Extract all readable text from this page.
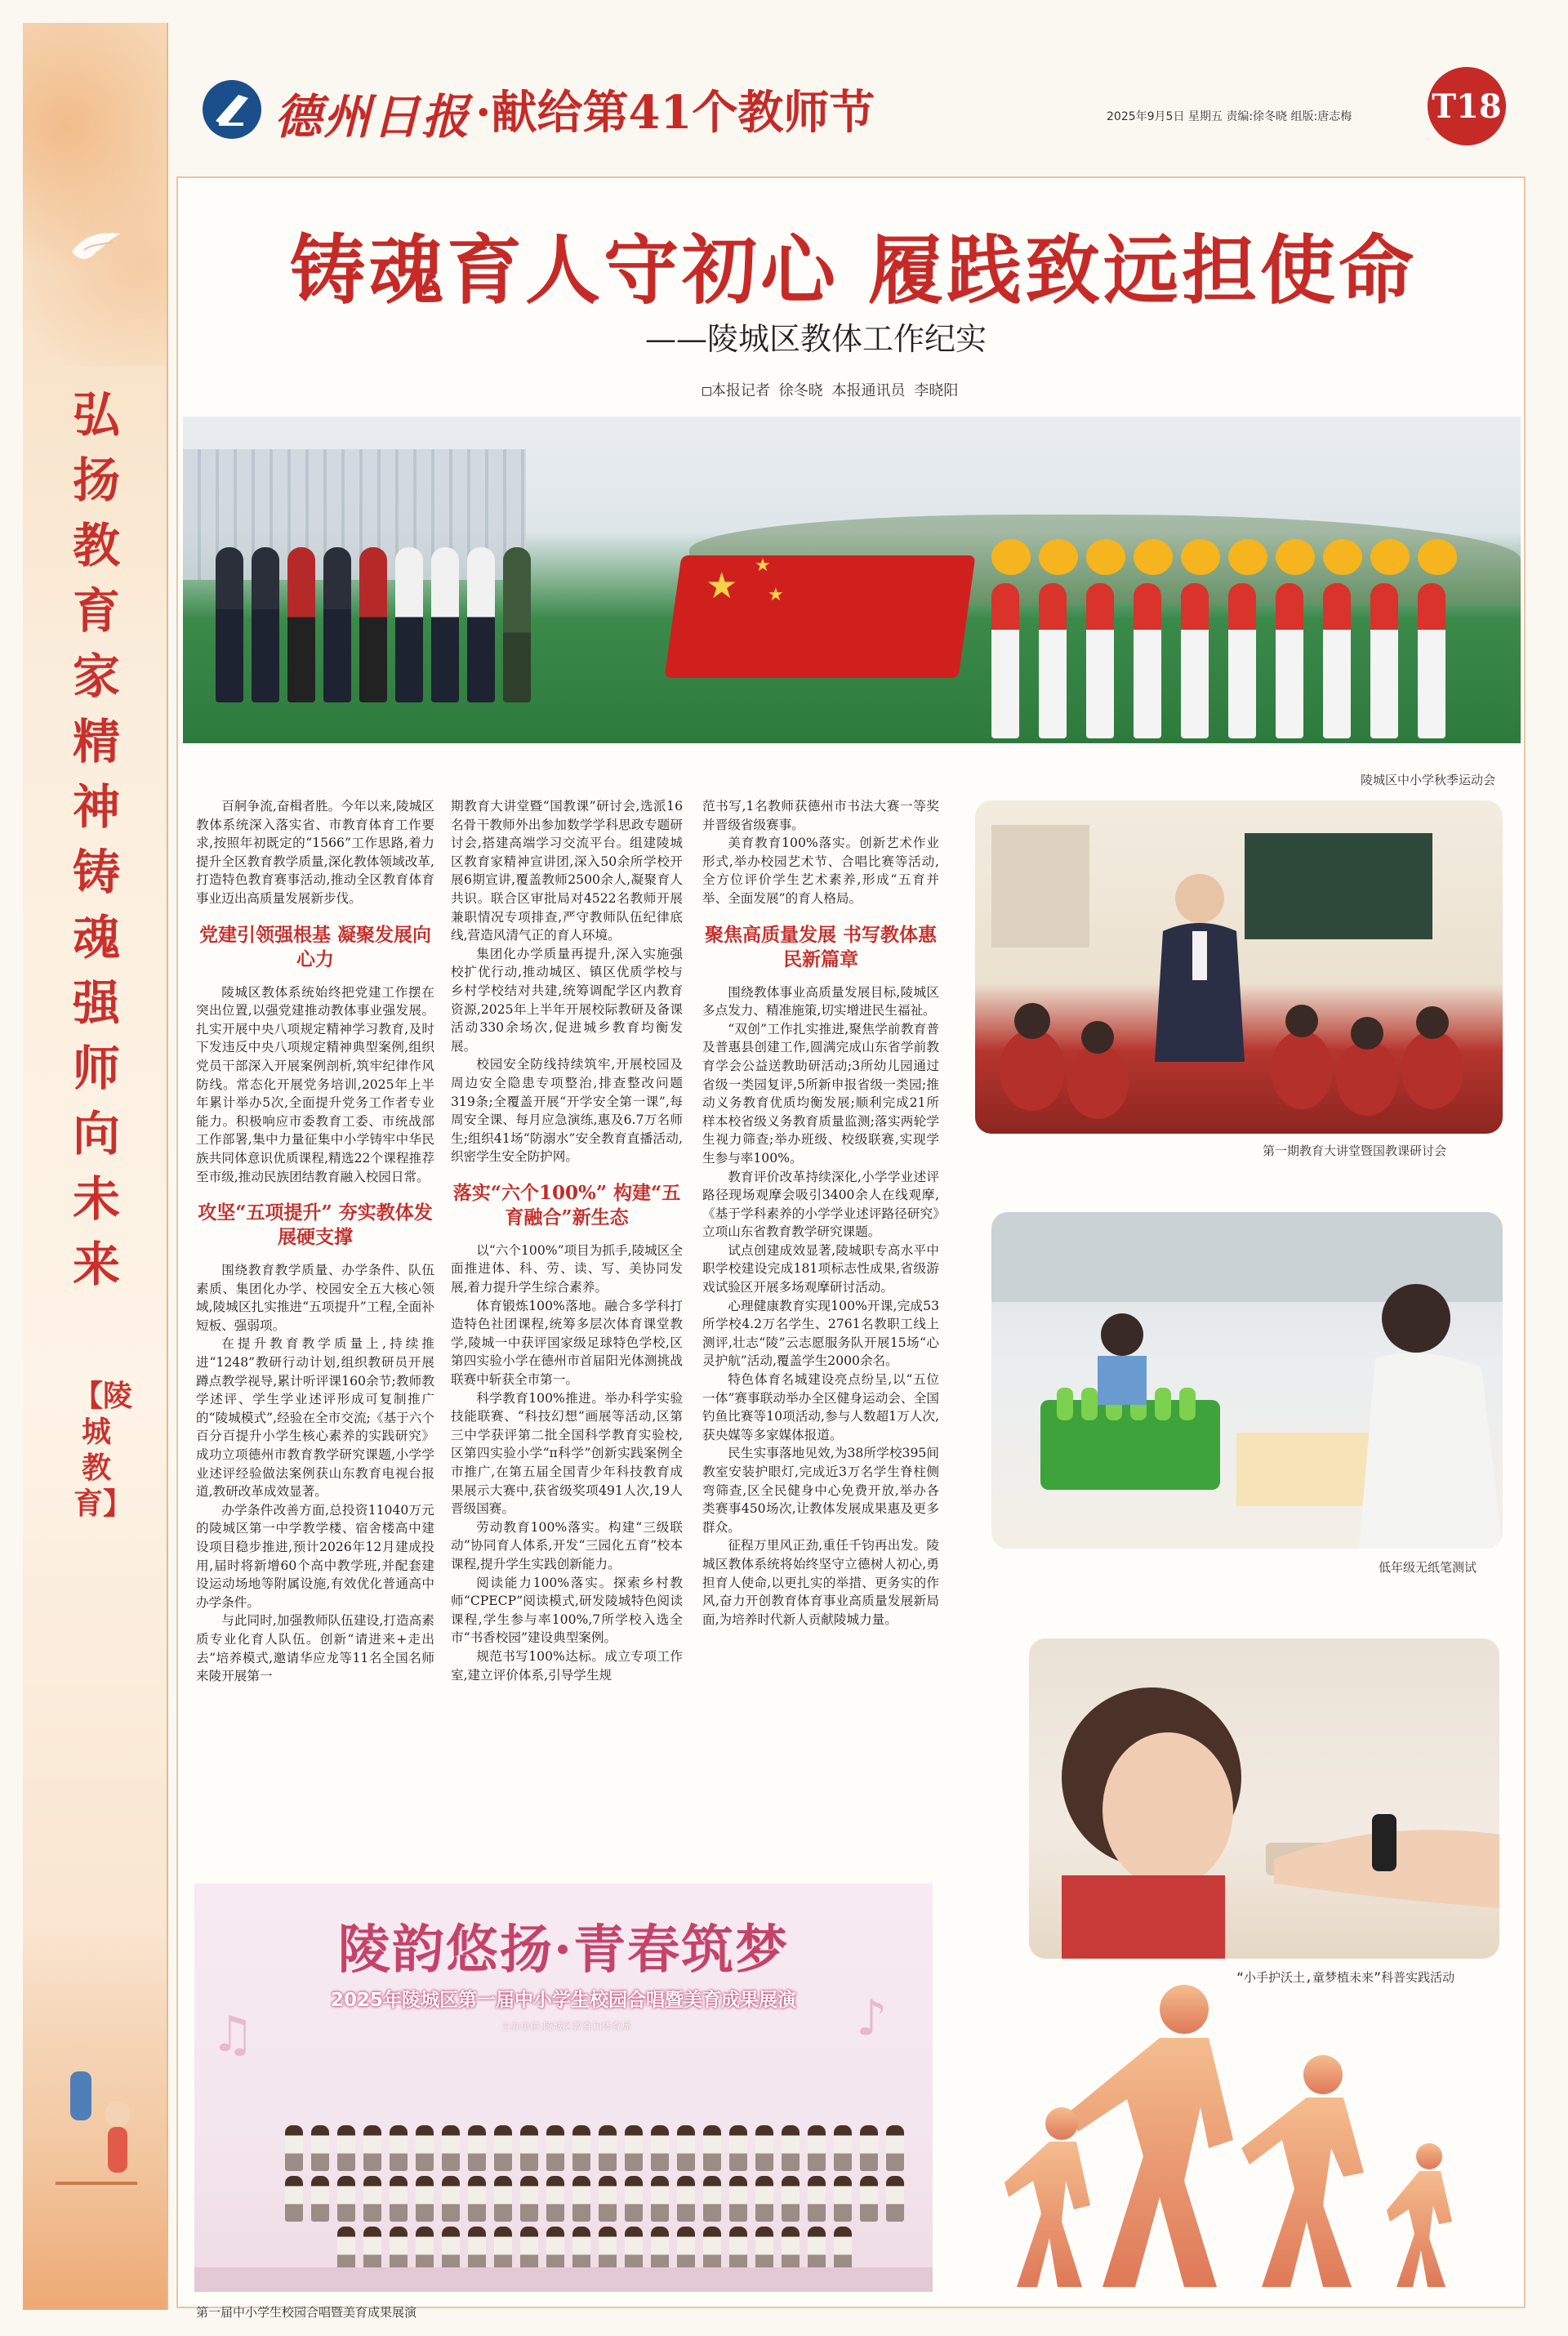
弘扬教育家精神 铸魂强师向未来
【陵城教育】
德州日报 ·献给第41个教师节	2025年9月5日 星期五 责编:徐冬晓 组版:唐志梅 T18
铸魂育人守初心 履践致远担使命
——陵城区教体工作纪实
□本报记者 徐冬晓 本报通讯员 李晓阳
★ ★
★
陵城区中小学秋季运动会

百舸争流,奋楫者胜。今年以来,陵城区教体系统深入落实省、市教育体育工作要求,按照年初既定的“1566”工作思路,着力提升全区教育教学质量,深化教体领域改革,打造特色教育赛事活动,推动全区教育体育事业迈出高质量发展新步伐。

党建引领强根基 凝聚发展向心力

陵城区教体系统始终把党建工作摆在突出位置,以强党建推动教体事业强发展。扎实开展中央八项规定精神学习教育,及时下发违反中央八项规定精神典型案例,组织党员干部深入开展案例剖析,筑牢纪律作风防线。常态化开展党务培训,2025年上半年累计举办5次,全面提升党务工作者专业能力。积极响应市委教育工委、市统战部工作部署,集中力量征集中小学铸牢中华民族共同体意识优质课程,精选22个课程推荐至市级,推动民族团结教育融入校园日常。

攻坚“五项提升” 夯实教体发展硬支撑

围绕教育教学质量、办学条件、队伍素质、集团化办学、校园安全五大核心领域,陵城区扎实推进“五项提升”工程,全面补短板、强弱项。

在提升教育教学质量上,持续推进“1248”教研行动计划,组织教研员开展蹲点教学视导,累计听评课160余节;教师教学述评、学生学业述评形成可复制推广的“陵城模式”,经验在全市交流;《基于六个百分百提升小学生核心素养的实践研究》成功立项德州市教育教学研究课题,小学学业述评经验做法案例获山东教育电视台报道,教研改革成效显著。

办学条件改善方面,总投资11040万元的陵城区第一中学教学楼、宿舍楼高中建设项目稳步推进,预计2026年12月建成投用,届时将新增60个高中教学班,并配套建设运动场地等附属设施,有效优化普通高中办学条件。

与此同时,加强教师队伍建设,打造高素质专业化育人队伍。创新“请进来+走出去”培养模式,邀请华应龙等11名全国名师来陵开展第一

期教育大讲堂暨“国教课”研讨会,选派16名骨干教师外出参加数学学科思政专题研讨会,搭建高端学习交流平台。组建陵城区教育家精神宣讲团,深入50余所学校开展6期宣讲,覆盖教师2500余人,凝聚育人共识。联合区审批局对4522名教师开展兼职情况专项排查,严守教师队伍纪律底线,营造风清气正的育人环境。

集团化办学质量再提升,深入实施强校扩优行动,推动城区、镇区优质学校与乡村学校结对共建,统筹调配学区内教育资源,2025年上半年开展校际教研及备课活动330余场次,促进城乡教育均衡发展。

校园安全防线持续筑牢,开展校园及周边安全隐患专项整治,排查整改问题319条;全覆盖开展“开学安全第一课”,每周安全课、每月应急演练,惠及6.7万名师生;组织41场“防溺水”安全教育直播活动,织密学生安全防护网。

落实“六个100%” 构建“五育融合”新生态

以“六个100%”项目为抓手,陵城区全面推进体、科、劳、读、写、美协同发展,着力提升学生综合素养。

体育锻炼100%落地。融合多学科打造特色社团课程,统筹多层次体育课堂教学,陵城一中获评国家级足球特色学校,区第四实验小学在德州市首届阳光体测挑战联赛中斩获全市第一。

科学教育100%推进。举办科学实验技能联赛、“科技幻想”画展等活动,区第三中学获评第二批全国科学教育实验校,区第四实验小学“π科学”创新实践案例全市推广,在第五届全国青少年科技教育成果展示大赛中,获省级奖项491人次,19人晋级国赛。

劳动教育100%落实。构建“三级联动”协同育人体系,开发“三园化五育”校本课程,提升学生实践创新能力。

阅读能力100%落实。探索乡村教师“CPECP”阅读模式,研发陵城特色阅读课程,学生参与率100%,7所学校入选全市“书香校园”建设典型案例。

规范书写100%达标。成立专项工作室,建立评价体系,引导学生规

范书写,1名教师获德州市书法大赛一等奖并晋级省级赛事。

美育教育100%落实。创新艺术作业形式,举办校园艺术节、合唱比赛等活动,全方位评价学生艺术素养,形成“五育并举、全面发展”的育人格局。

聚焦高质量发展 书写教体惠民新篇章

围绕教体事业高质量发展目标,陵城区多点发力、精准施策,切实增进民生福祉。

“双创”工作扎实推进,聚焦学前教育普及普惠县创建工作,圆满完成山东省学前教育学会公益送教助研活动;3所幼儿园通过省级一类园复评,5所新申报省级一类园;推动义务教育优质均衡发展;顺利完成21所样本校省级义务教育质量监测;落实两轮学生视力筛查;举办班级、校级联赛,实现学生参与率100%。

教育评价改革持续深化,小学学业述评路径现场观摩会吸引3400余人在线观摩,《基于学科素养的小学学业述评路径研究》立项山东省教育教学研究课题。

试点创建成效显著,陵城职专高水平中职学校建设完成181项标志性成果,省级游戏试验区开展多场观摩研讨活动。

心理健康教育实现100%开课,完成53所学校4.2万名学生、2761名教职工线上测评,壮志“陵”云志愿服务队开展15场“心灵护航”活动,覆盖学生2000余名。

特色体育名城建设亮点纷呈,以“五位一体”赛事联动举办全区健身运动会、全国钓鱼比赛等10项活动,参与人数超1万人次,获央媒等多家媒体报道。

民生实事落地见效,为38所学校395间教室安装护眼灯,完成近3万名学生脊柱侧弯筛查,区全民健身中心免费开放,举办各类赛事450场次,让教体发展成果惠及更多群众。

征程万里风正劲,重任千钧再出发。陵城区教体系统将始终坚守立德树人初心,勇担育人使命,以更扎实的举措、更务实的作风,奋力开创教育体育事业高质量发展新局面,为培养时代新人贡献陵城力量。

第一期教育大讲堂暨国教课研讨会
低年级无纸笔测试
“小手护沃土,童梦植未来”科普实践活动
♫	♪
陵韵悠扬·青春筑梦
2025年陵城区第一届中小学生校园合唱暨美育成果展演
主办单位:陵城区教育和体育局
第一届中小学生校园合唱暨美育成果展演
